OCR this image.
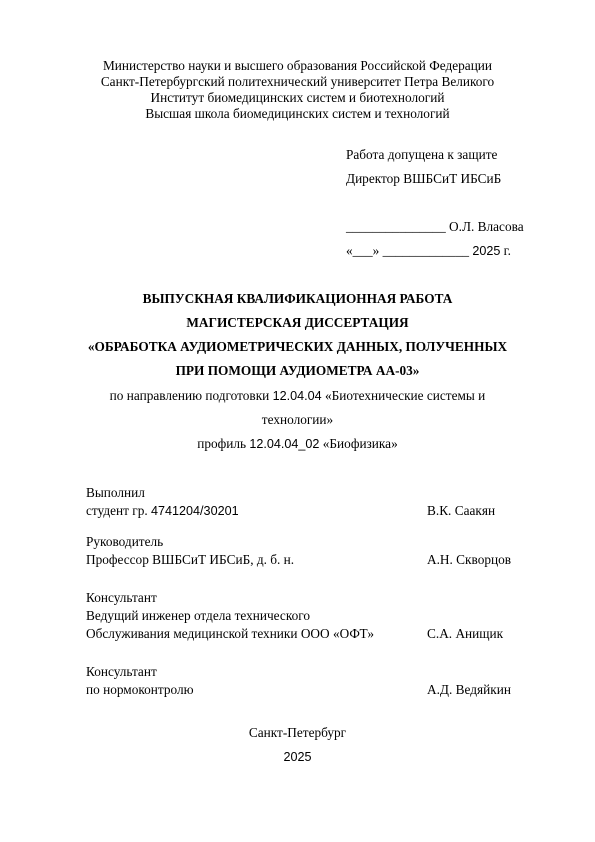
Министерство науки и высшего образования Российской Федерации
Санкт-Петербургский политехнический университет Петра Великого
Институт биомедицинских систем и биотехнологий
Высшая школа биомедицинских систем и технологий
Работа допущена к защите
Директор ВШБСиТ ИБСиБ
_______________ О.Л. Власова
«___» _____________ 2025 г.
ВЫПУСКНАЯ КВАЛИФИКАЦИОННАЯ РАБОТА
МАГИСТЕРСКАЯ ДИССЕРТАЦИЯ
«ОБРАБОТКА АУДИОМЕТРИЧЕСКИХ ДАННЫХ, ПОЛУЧЕННЫХ
ПРИ ПОМОЩИ АУДИОМЕТРА АА-03»
по направлению подготовки 12.04.04 «Биотехнические системы и
технологии»
профиль 12.04.04_02 «Биофизика»
Выполнил
студент гр. 4741204/30201	В.К. Саакян
Руководитель
Профессор ВШБСиТ ИБСиБ, д. б. н.	А.Н. Скворцов
Консультант
Ведущий инженер отдела технического
Обслуживания медицинской техники ООО «ОФТ»	С.А. Анищик
Консультант
по нормоконтролю	А.Д. Ведяйкин
Санкт-Петербург
2025
